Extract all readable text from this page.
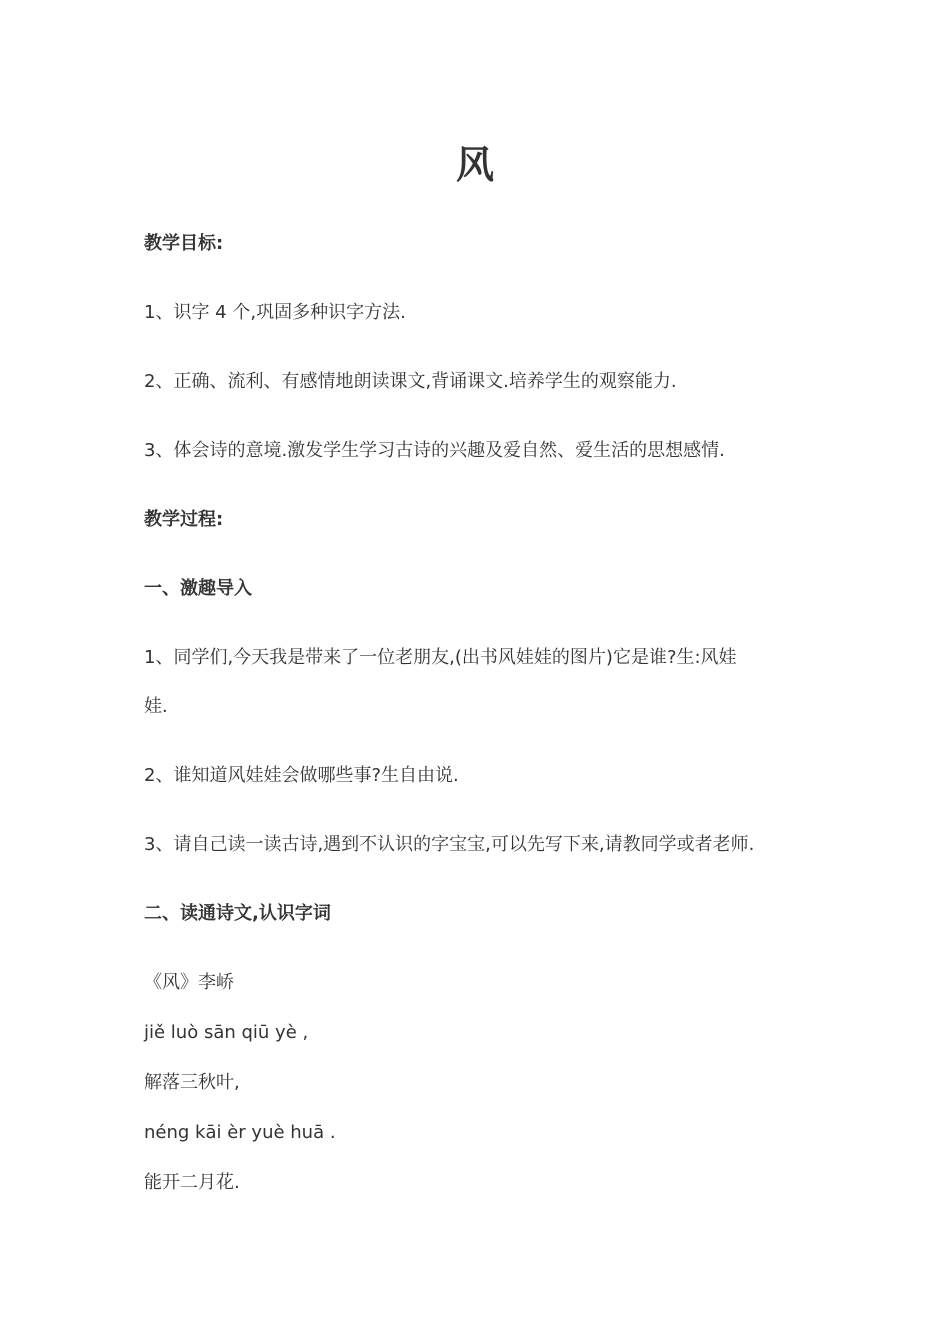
风
教学目标:
1、识字 4 个,巩固多种识字方法.
2、正确、流利、有感情地朗读课文,背诵课文.培养学生的观察能力.
3、体会诗的意境.激发学生学习古诗的兴趣及爱自然、爱生活的思想感情.
教学过程:
一、激趣导入
1、同学们,今天我是带来了一位老朋友,(出书风娃娃的图片)它是谁?生:风娃
娃.
2、谁知道风娃娃会做哪些事?生自由说.
3、请自己读一读古诗,遇到不认识的字宝宝,可以先写下来,请教同学或者老师.
二、读通诗文,认识字词
《风》李峤
jiě luò sān qiū yè ,
解落三秋叶,
néng kāi èr yuè huā .
能开二月花.
